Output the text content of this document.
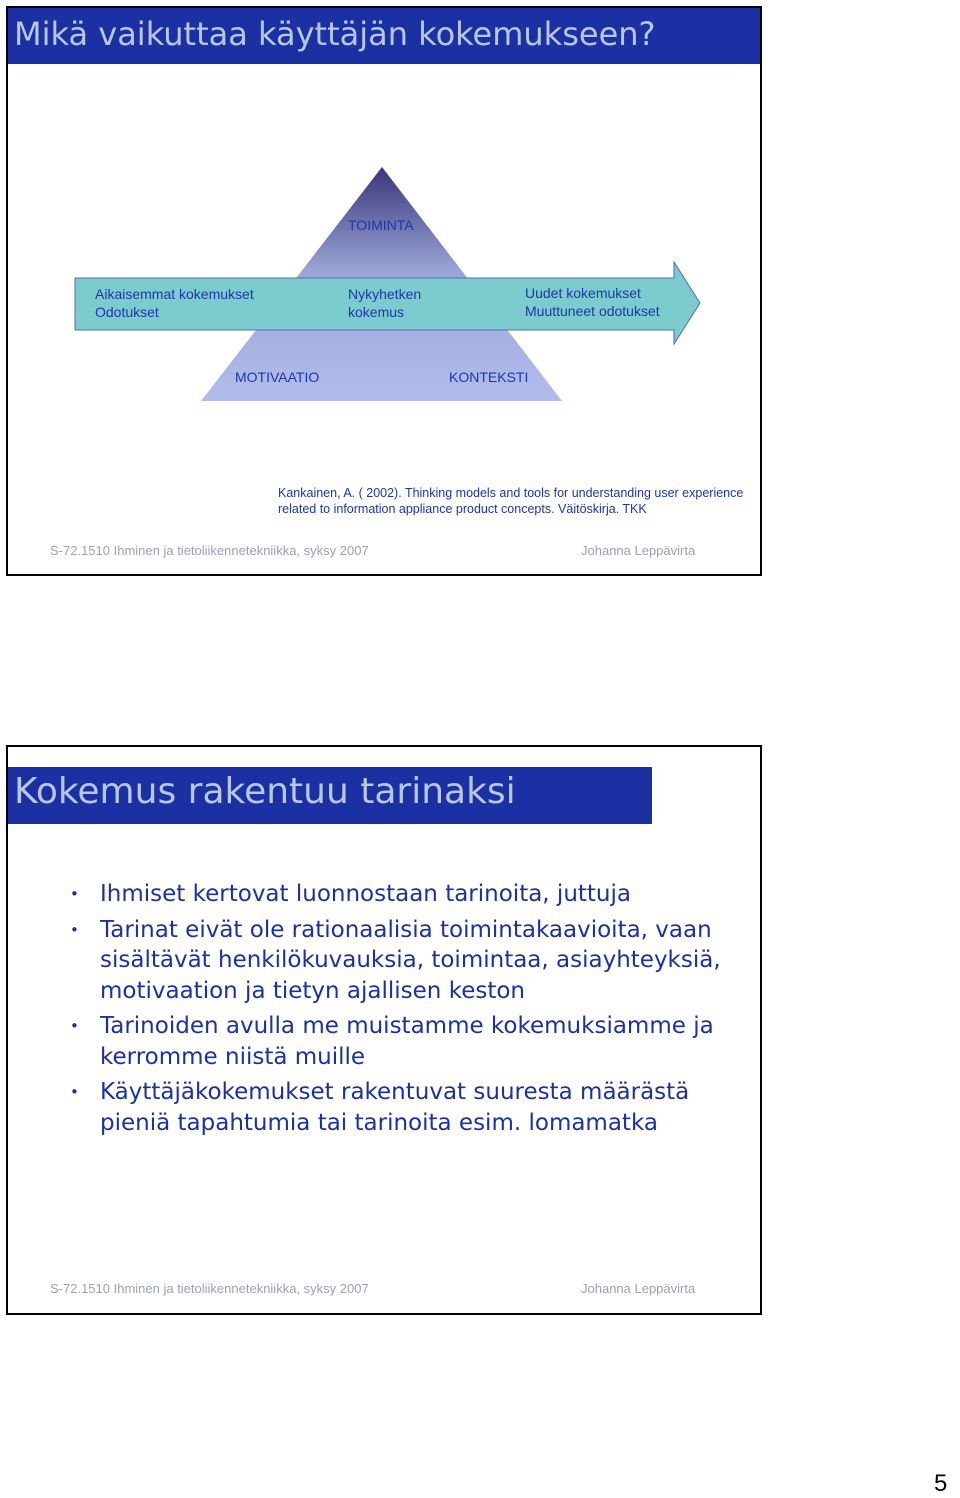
Mikä vaikuttaa käyttäjän kokemukseen?
TOIMINTA
Aikaisemmat kokemukset
Odotukset
Nykyhetken
kokemus
Uudet kokemukset
Muuttuneet odotukset
MOTIVAATIO	KONTEKSTI
Kankainen, A. ( 2002). Thinking models and tools for understanding user experience
related to information appliance product concepts. Väitöskirja. TKK
S-72.1510 Ihminen ja tietoliikennetekniikka, syksy 2007	Johanna Leppävirta
Kokemus rakentuu tarinaksi
• Ihmiset kertovat luonnostaan tarinoita, juttuja
• Tarinat eivät ole rationaalisia toimintakaavioita, vaan sisältävät henkilökuvauksia, toimintaa, asiayhteyksiä, motivaation ja tietyn ajallisen keston
• Tarinoiden avulla me muistamme kokemuksiamme ja kerromme niistä muille
• Käyttäjäkokemukset rakentuvat suuresta määrästä pieniä tapahtumia tai tarinoita esim. lomamatka
S-72.1510 Ihminen ja tietoliikennetekniikka, syksy 2007	Johanna Leppävirta
5
